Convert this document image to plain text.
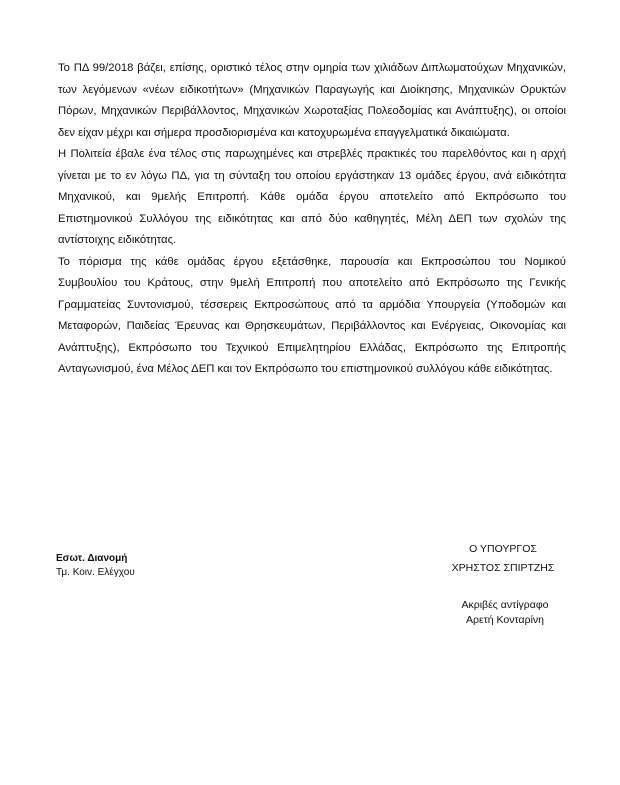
Το ΠΔ 99/2018 βάζει, επίσης, οριστικό τέλος στην ομηρία των χιλιάδων Διπλωματούχων Μηχανικών, των λεγόμενων «νέων ειδικοτήτων» (Μηχανικών Παραγωγής και Διοίκησης, Μηχανικών Ορυκτών Πόρων, Μηχανικών Περιβάλλοντος, Μηχανικών Χωροταξίας Πολεοδομίας και Ανάπτυξης), οι οποίοι δεν είχαν μέχρι και σήμερα προσδιορισμένα και κατοχυρωμένα επαγγελματικά δικαιώματα.

Η Πολιτεία έβαλε ένα τέλος στις παρωχημένες και στρεβλές πρακτικές του παρελθόντος και η αρχή γίνεται με το εν λόγω ΠΔ, για τη σύνταξη του οποίου εργάστηκαν 13 ομάδες έργου, ανά ειδικότητα Μηχανικού, και 9μελής Επιτροπή. Κάθε ομάδα έργου αποτελείτο από Εκπρόσωπο του Επιστημονικού Συλλόγου της ειδικότητας και από δύο καθηγητές, Μέλη ΔΕΠ των σχολών της αντίστοιχης ειδικότητας.

Το πόρισμα της κάθε ομάδας έργου εξετάσθηκε, παρουσία και Εκπροσώπου του Νομικού Συμβουλίου του Κράτους, στην 9μελή Επιτροπή που αποτελείτο από Εκπρόσωπο της Γενικής Γραμματείας Συντονισμού, τέσσερεις Εκπροσώπους από τα αρμόδια Υπουργεία (Υποδομών και Μεταφορών, Παιδείας Έρευνας και Θρησκευμάτων, Περιβάλλοντος και Ενέργειας, Οικονομίας και Ανάπτυξης), Εκπρόσωπο του Τεχνικού Επιμελητηρίου Ελλάδας, Εκπρόσωπο της Επιτροπής Ανταγωνισμού, ένα Μέλος ΔΕΠ και τον Εκπρόσωπο του επιστημονικού συλλόγου κάθε ειδικότητας.

Εσωτ. Διανομή
Τμ. Κοιν. Ελέγχου
Ο ΥΠΟΥΡΓΟΣ
ΧΡΗΣΤΟΣ ΣΠΙΡΤΖΗΣ
Ακριβές αντίγραφο
Αρετή Κονταρίνη
